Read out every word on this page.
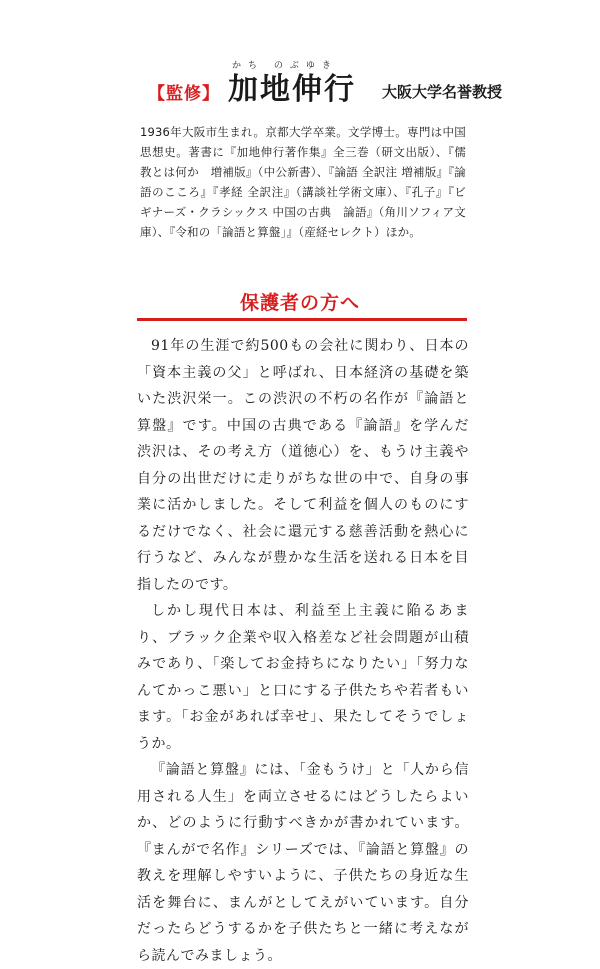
【監修】
かち のぶゆき
加地伸行 大阪大学名誉教授

1936年大阪市生まれ。京都大学卒業。文学博士。専門は中国思想史。著書に『加地伸行著作集』全三巻（研文出版）、『儒教とは何か　増補版』（中公新書）、『論語 全訳注 増補版』『論語のこころ』『孝経 全訳注』（講談社学術文庫）、『孔子』『ビギナーズ・クラシックス 中国の古典　論語』（角川ソフィア文庫）、『令和の「論語と算盤」』（産経セレクト）ほか。

保護者の方へ

91年の生涯で約500もの会社に関わり、日本の「資本主義の父」と呼ばれ、日本経済の基礎を築いた渋沢栄一。この渋沢の不朽の名作が『論語と算盤』です。中国の古典である『論語』を学んだ渋沢は、その考え方（道徳心）を、もうけ主義や自分の出世だけに走りがちな世の中で、自身の事業に活かしました。そして利益を個人のものにするだけでなく、社会に還元する慈善活動を熱心に行うなど、みんなが豊かな生活を送れる日本を目指したのです。

しかし現代日本は、利益至上主義に陥るあまり、ブラック企業や収入格差など社会問題が山積みであり、「楽してお金持ちになりたい」「努力なんてかっこ悪い」と口にする子供たちや若者もいます。「お金があれば幸せ」、果たしてそうでしょうか。

『論語と算盤』には、「金もうけ」と「人から信用される人生」を両立させるにはどうしたらよいか、どのように行動すべきかが書かれています。『まんがで名作』シリーズでは、『論語と算盤』の教えを理解しやすいように、子供たちの身近な生活を舞台に、まんがとしてえがいています。自分だったらどうするかを子供たちと一緒に考えながら読んでみましょう。
